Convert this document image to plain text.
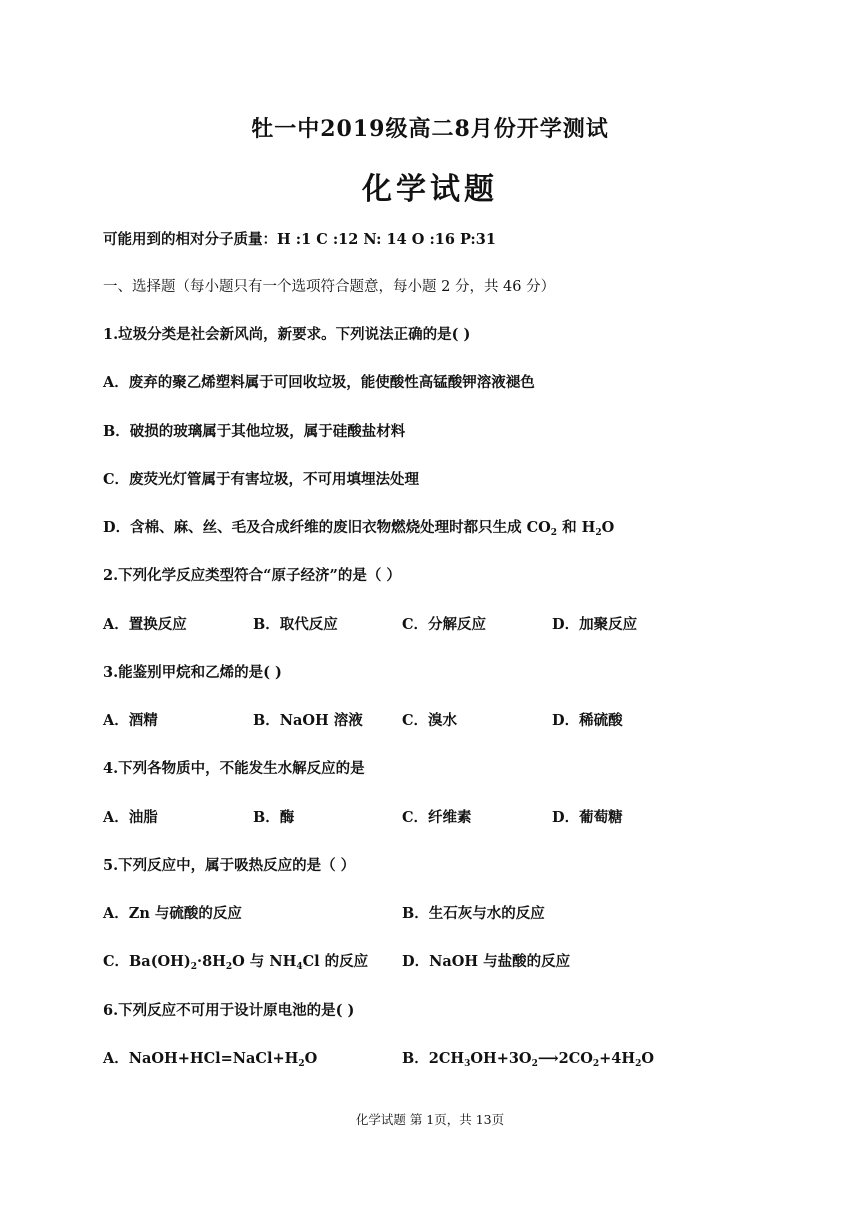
牡一中2019级高二8月份开学测试
化学试题
可能用到的相对分子质量：H :1 C :12 N: 14 O :16 P:31
一、选择题（每小题只有一个选项符合题意，每小题 2 分，共 46 分）
1.垃圾分类是社会新风尚，新要求。下列说法正确的是( )
A．废弃的聚乙烯塑料属于可回收垃圾，能使酸性高锰酸钾溶液褪色
B．破损的玻璃属于其他垃圾，属于硅酸盐材料
C．废荧光灯管属于有害垃圾，不可用填埋法处理
D．含棉、麻、丝、毛及合成纤维的废旧衣物燃烧处理时都只生成 $CO_2$ 和 $H_2O$
2.下列化学反应类型符合“原子经济”的是（ ）
A．置换反应	B．取代反应	C．分解反应	D．加聚反应
3.能鉴别甲烷和乙烯的是( )
A．酒精	B．NaOH 溶液	C．溴水	D．稀硫酸
4.下列各物质中，不能发生水解反应的是
A．油脂	B．酶	C．纤维素	D．葡萄糖
5.下列反应中，属于吸热反应的是（ ）
A．Zn 与硫酸的反应	B．生石灰与水的反应
C．$Ba(OH)_2\cdot 8H_2O$ 与 $NH_4Cl$ 的反应 D．NaOH 与盐酸的反应
6.下列反应不可用于设计原电池的是( )
A．$NaOH+HCl=NaCl+H_2O$	B．$2CH_3OH+3O_2⟶2CO_2+4H_2O$
化学试题 第 1页，共 13页
